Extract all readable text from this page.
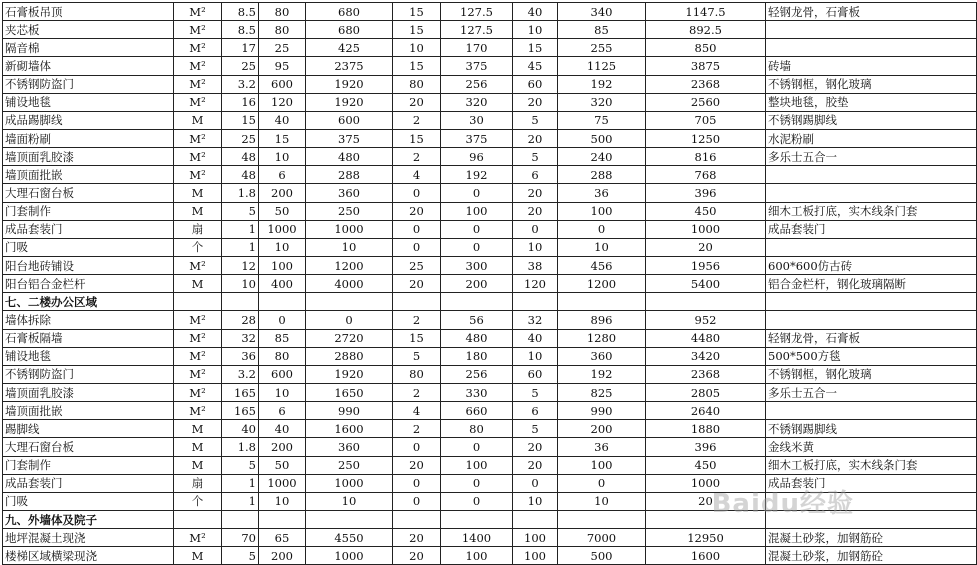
石膏板吊顶	M²	8.5	80	680	15	127.5	40	340	1147.5	轻钢龙骨，石膏板
夹芯板	M²	8.5	80	680	15	127.5	10	85	892.5	
隔音棉	M²	17	25	425	10	170	15	255	850	
新砌墙体	M²	25	95	2375	15	375	45	1125	3875	砖墙
不锈钢防盗门	M²	3.2	600	1920	80	256	60	192	2368	不锈钢框，钢化玻璃
铺设地毯	M²	16	120	1920	20	320	20	320	2560	整块地毯，胶垫
成品踢脚线	M	15	40	600	2	30	5	75	705	不锈钢踢脚线
墙面粉刷	M²	25	15	375	15	375	20	500	1250	水泥粉刷
墙顶面乳胶漆	M²	48	10	480	2	96	5	240	816	多乐士五合一
墙顶面批嵌	M²	48	6	288	4	192	6	288	768	
大理石窗台板	M	1.8	200	360	0	0	20	36	396	
门套制作	M	5	50	250	20	100	20	100	450	细木工板打底，实木线条门套
成品套装门	扇	1	1000	1000	0	0	0	0	1000	成品套装门
门吸	个	1	10	10	0	0	10	10	20	
阳台地砖铺设	M²	12	100	1200	25	300	38	456	1956	600*600仿古砖
阳台铝合金栏杆	M	10	400	4000	20	200	120	1200	5400	铝合金栏杆，钢化玻璃隔断
七、二楼办公区域										
墙体拆除	M²	28	0	0	2	56	32	896	952	
石膏板隔墙	M²	32	85	2720	15	480	40	1280	4480	轻钢龙骨，石膏板
铺设地毯	M²	36	80	2880	5	180	10	360	3420	500*500方毯
不锈钢防盗门	M²	3.2	600	1920	80	256	60	192	2368	不锈钢框，钢化玻璃
墙顶面乳胶漆	M²	165	10	1650	2	330	5	825	2805	多乐士五合一
墙顶面批嵌	M²	165	6	990	4	660	6	990	2640	
踢脚线	M	40	40	1600	2	80	5	200	1880	不锈钢踢脚线
大理石窗台板	M	1.8	200	360	0	0	20	36	396	金线米黄
门套制作	M	5	50	250	20	100	20	100	450	细木工板打底，实木线条门套
成品套装门	扇	1	1000	1000	0	0	0	0	1000	成品套装门
门吸	个	1	10	10	0	0	10	10	20	
九、外墙体及院子										
地坪混凝土现浇	M²	70	65	4550	20	1400	100	7000	12950	混凝土砂浆，加钢筋砼
楼梯区域横梁现浇	M	5	200	1000	20	100	100	500	1600	混凝土砂浆，加钢筋砼
Baidu经验
